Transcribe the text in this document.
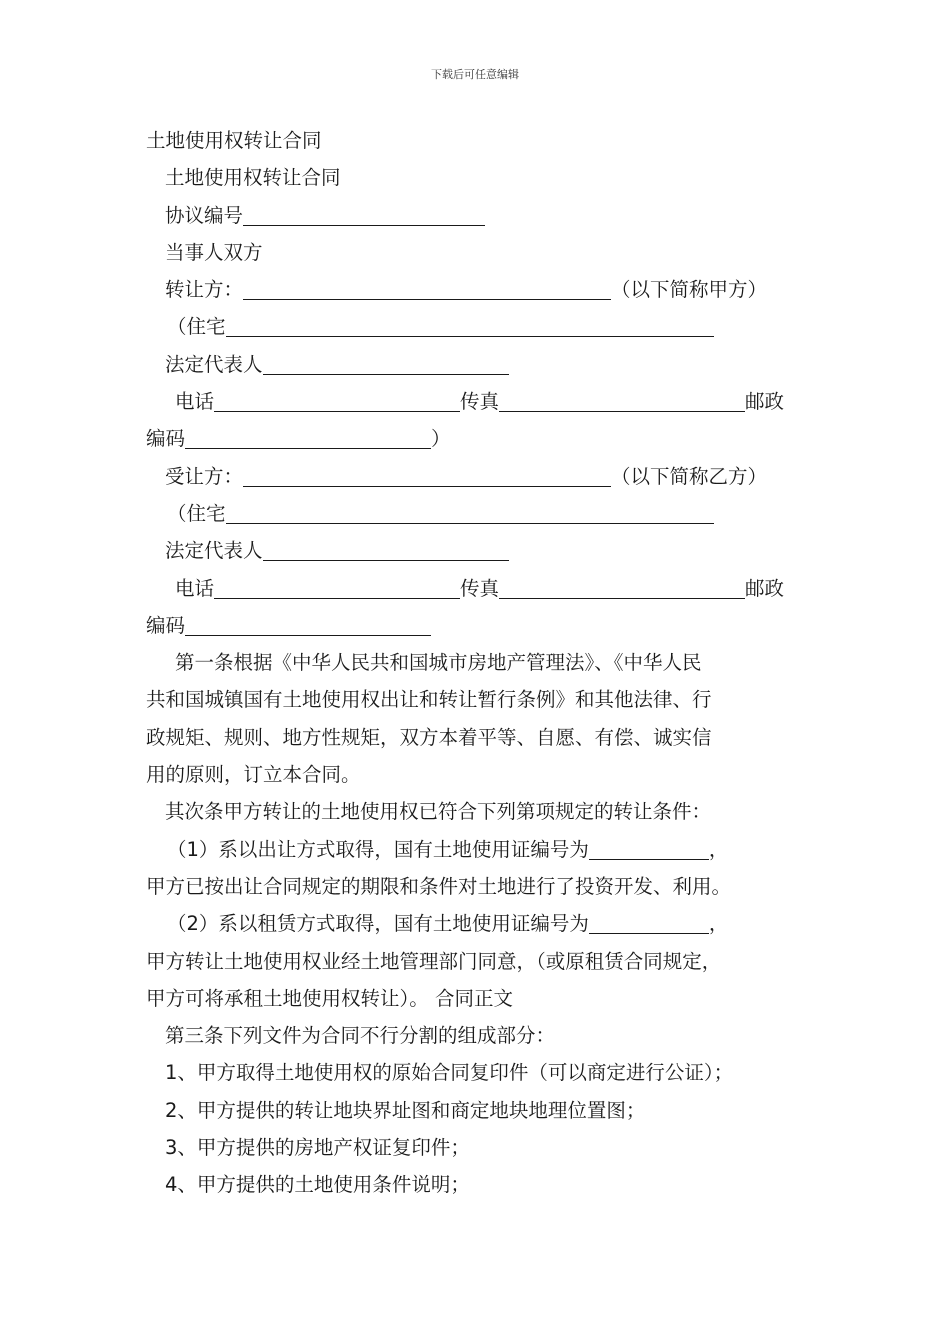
下载后可任意编辑
土地使用权转让合同
土地使用权转让合同
协议编号
当事人双方
转让方：	（以下简称甲方）
（住宅
法定代表人
电话	传真	邮政
编码	）
受让方：	（以下简称乙方）
（住宅
法定代表人
电话	传真	邮政
编码
第一条根据《中华人民共和国城市房地产管理法》、《中华人民
共和国城镇国有土地使用权出让和转让暂行条例》和其他法律、行
政规矩、规则、地方性规矩，双方本着平等、自愿、有偿、诚实信
用的原则，订立本合同。
其次条甲方转让的土地使用权已符合下列第项规定的转让条件：
（1）系以出让方式取得，国有土地使用证编号为	，
甲方已按出让合同规定的期限和条件对土地进行了投资开发、利用。
（2）系以租赁方式取得，国有土地使用证编号为	，
甲方转让土地使用权业经土地管理部门同意，（或原租赁合同规定，
甲方可将承租土地使用权转让）。 合同正文
第三条下列文件为合同不行分割的组成部分：
1、甲方取得土地使用权的原始合同复印件（可以商定进行公证）；
2、甲方提供的转让地块界址图和商定地块地理位置图；
3、甲方提供的房地产权证复印件；
4、甲方提供的土地使用条件说明；
